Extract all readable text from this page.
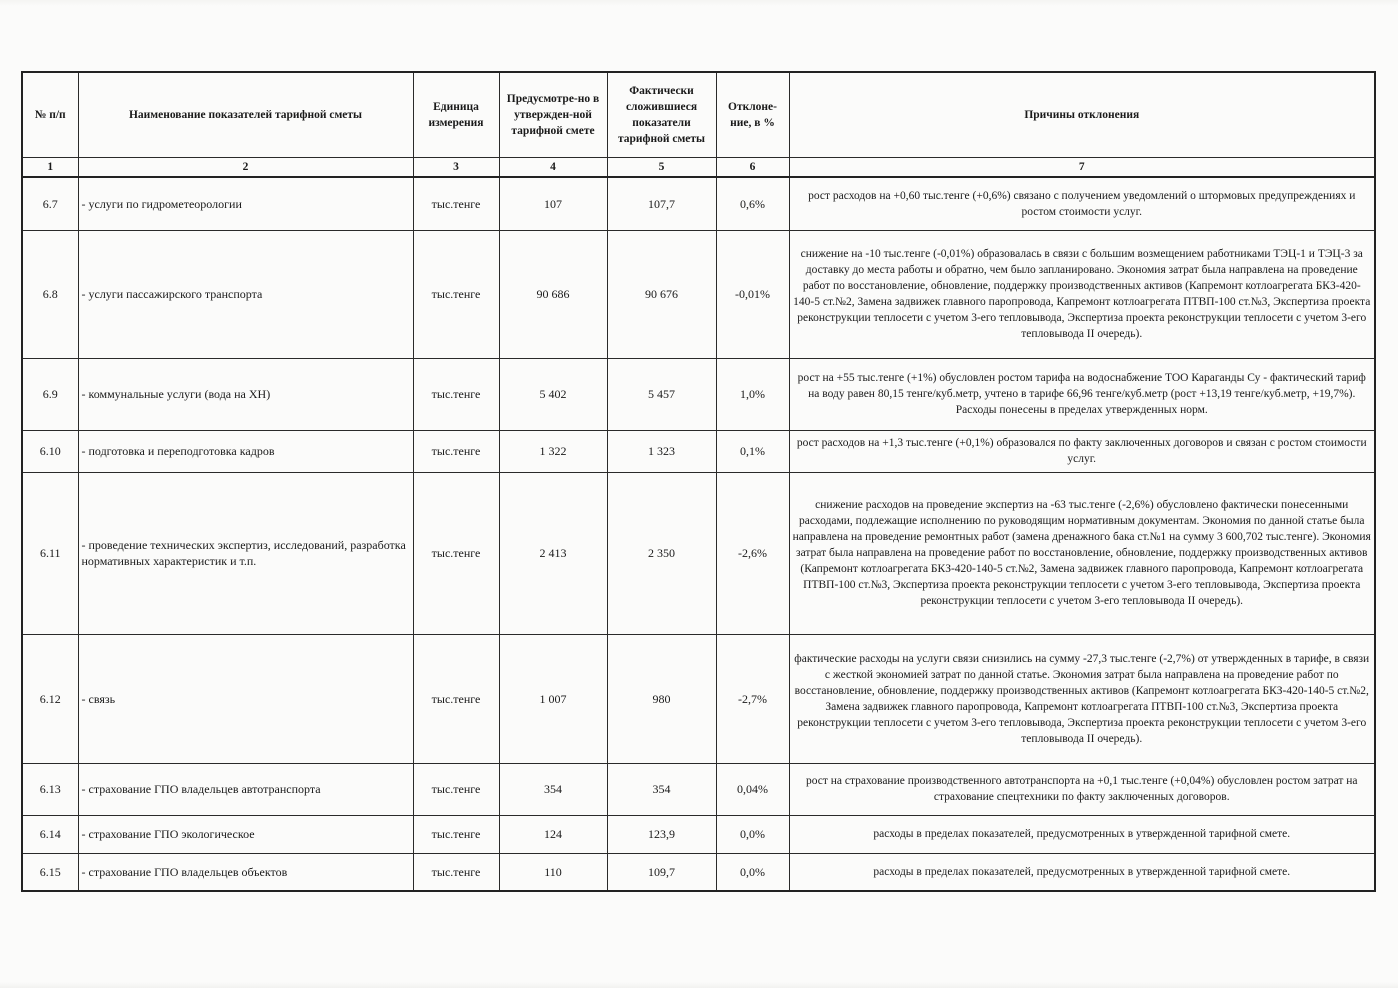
№ п/п	Наименование показателей тарифной сметы	Единица измерения	Предусмотре-но в утвержден-ной тарифной смете	Фактически сложившиеся показатели тарифной сметы	Отклоне-ние, в %	Причины отклонения
1	2	3	4	5	6	7
6.7	- услуги по гидрометеорологии	тыс.тенге	107	107,7	0,6%	рост расходов на +0,60 тыс.тенге (+0,6%) связано с получением уведомлений о штормовых предупреждениях и ростом стоимости услуг.
6.8	- услуги пассажирского транспорта	тыс.тенге	90 686	90 676	-0,01%	снижение на -10 тыс.тенге (-0,01%) образовалась в связи с большим возмещением работниками ТЭЦ-1 и ТЭЦ-3 за доставку до места работы и обратно, чем было запланировано. Экономия затрат была направлена на проведение работ по восстановление, обновление, поддержку производственных активов (Капремонт котлоагрегата БКЗ-420-140-5 ст.№2, Замена задвижек главного паропровода, Капремонт котлоагрегата ПТВП-100 ст.№3, Экспертиза проекта реконструкции теплосети с учетом 3-его тепловывода, Экспертиза проекта реконструкции теплосети с учетом 3-его тепловывода II очередь).
6.9	- коммунальные услуги (вода на ХН)	тыс.тенге	5 402	5 457	1,0%	рост на +55 тыс.тенге (+1%) обусловлен ростом тарифа на водоснабжение ТОО Караганды Су - фактический тариф на воду равен 80,15 тенге/куб.метр, учтено в тарифе 66,96 тенге/куб.метр (рост +13,19 тенге/куб.метр, +19,7%). Расходы понесены в пределах утвержденных норм.
6.10	- подготовка и переподготовка кадров	тыс.тенге	1 322	1 323	0,1%	рост расходов на +1,3 тыс.тенге (+0,1%) образовался по факту заключенных договоров и связан с ростом стоимости услуг.
6.11	- проведение технических экспертиз, исследований, разработка нормативных характеристик и т.п.	тыс.тенге	2 413	2 350	-2,6%	снижение расходов на проведение экспертиз на -63 тыс.тенге (-2,6%) обусловлено фактически понесенными расходами, подлежащие исполнению по руководящим нормативным документам. Экономия по данной статье была направлена на проведение ремонтных работ (замена дренажного бака ст.№1 на сумму 3 600,702 тыс.тенге). Экономия затрат была направлена на проведение работ по восстановление, обновление, поддержку производственных активов (Капремонт котлоагрегата БКЗ-420-140-5 ст.№2, Замена задвижек главного паропровода, Капремонт котлоагрегата ПТВП-100 ст.№3, Экспертиза проекта реконструкции теплосети с учетом 3-его тепловывода, Экспертиза проекта реконструкции теплосети с учетом 3-его тепловывода II очередь).
6.12	- связь	тыс.тенге	1 007	980	-2,7%	фактические расходы на услуги связи снизились на сумму -27,3 тыс.тенге (-2,7%) от утвержденных в тарифе, в связи с жесткой экономией затрат по данной статье. Экономия затрат была направлена на проведение работ по восстановление, обновление, поддержку производственных активов (Капремонт котлоагрегата БКЗ-420-140-5 ст.№2, Замена задвижек главного паропровода, Капремонт котлоагрегата ПТВП-100 ст.№3, Экспертиза проекта реконструкции теплосети с учетом 3-его тепловывода, Экспертиза проекта реконструкции теплосети с учетом 3-его тепловывода II очередь).
6.13	- страхование ГПО владельцев автотранспорта	тыс.тенге	354	354	0,04%	рост на страхование производственного автотранспорта на +0,1 тыс.тенге (+0,04%) обусловлен ростом затрат на страхование спецтехники по факту заключенных договоров.
6.14	- страхование ГПО экологическое	тыс.тенге	124	123,9	0,0%	расходы в пределах показателей, предусмотренных в утвержденной тарифной смете.
6.15	- страхование ГПО владельцев объектов	тыс.тенге	110	109,7	0,0%	расходы в пределах показателей, предусмотренных в утвержденной тарифной смете.
